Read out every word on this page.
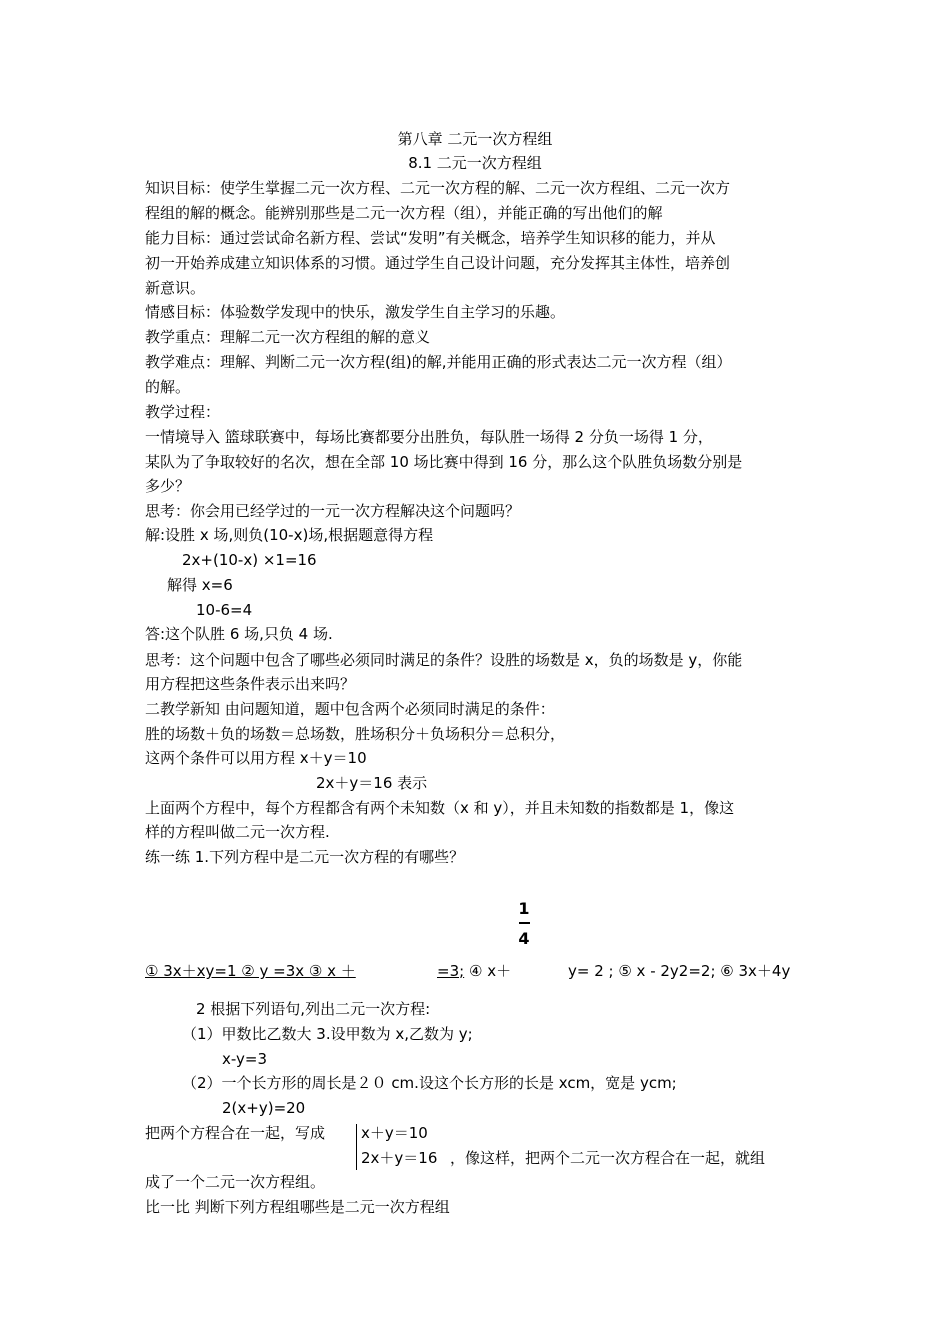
第八章 二元一次方程组
8.1 二元一次方程组
知识目标：使学生掌握二元一次方程、二元一次方程的解、二元一次方程组、二元一次方
程组的解的概念。能辨别那些是二元一次方程（组），并能正确的写出他们的解
能力目标：通过尝试命名新方程、尝试“发明”有关概念，培养学生知识移的能力，并从
初一开始养成建立知识体系的习惯。通过学生自己设计问题，充分发挥其主体性，培养创
新意识。
情感目标：体验数学发现中的快乐，激发学生自主学习的乐趣。
教学重点：理解二元一次方程组的解的意义
教学难点：理解、判断二元一次方程(组)的解,并能用正确的形式表达二元一次方程（组）
的解。
教学过程：
一情境导入 篮球联赛中，每场比赛都要分出胜负，每队胜一场得 2 分负一场得 1 分，
某队为了争取较好的名次，想在全部 10 场比赛中得到 16 分，那么这个队胜负场数分别是
多少？
思考：你会用已经学过的一元一次方程解决这个问题吗？
解:设胜 x 场,则负(10-x)场,根据题意得方程
2x+(10-x) ×1=16
解得 x=6
10-6=4
答:这个队胜 6 场,只负 4 场.
思考：这个问题中包含了哪些必须同时满足的条件？设胜的场数是 x，负的场数是 y，你能
用方程把这些条件表示出来吗？
二教学新知 由问题知道，题中包含两个必须同时满足的条件：
胜的场数＋负的场数＝总场数，胜场积分＋负场积分＝总积分，
这两个条件可以用方程 x＋y＝10
2x＋y＝16 表示
上面两个方程中，每个方程都含有两个未知数（x 和 y），并且未知数的指数都是 1，像这
样的方程叫做二元一次方程.
练一练 1.下列方程中是二元一次方程的有哪些？
1
4
① 3x＋xy=1 ② y =3x ③ x ＋	=3; ④ x＋	y= 2 ; ⑤ x - 2y2=2; ⑥ 3x＋4y
2 根据下列语句,列出二元一次方程:
（1）甲数比乙数大 3.设甲数为 x,乙数为 y;
x-y=3
（2）一个长方形的周长是２０ cm.设这个长方形的长是 xcm，宽是 ycm;
2(x+y)=20
把两个方程合在一起，写成 x＋y＝10
2x＋y＝16 ，像这样，把两个二元一次方程合在一起，就组
成了一个二元一次方程组。
比一比 判断下列方程组哪些是二元一次方程组
